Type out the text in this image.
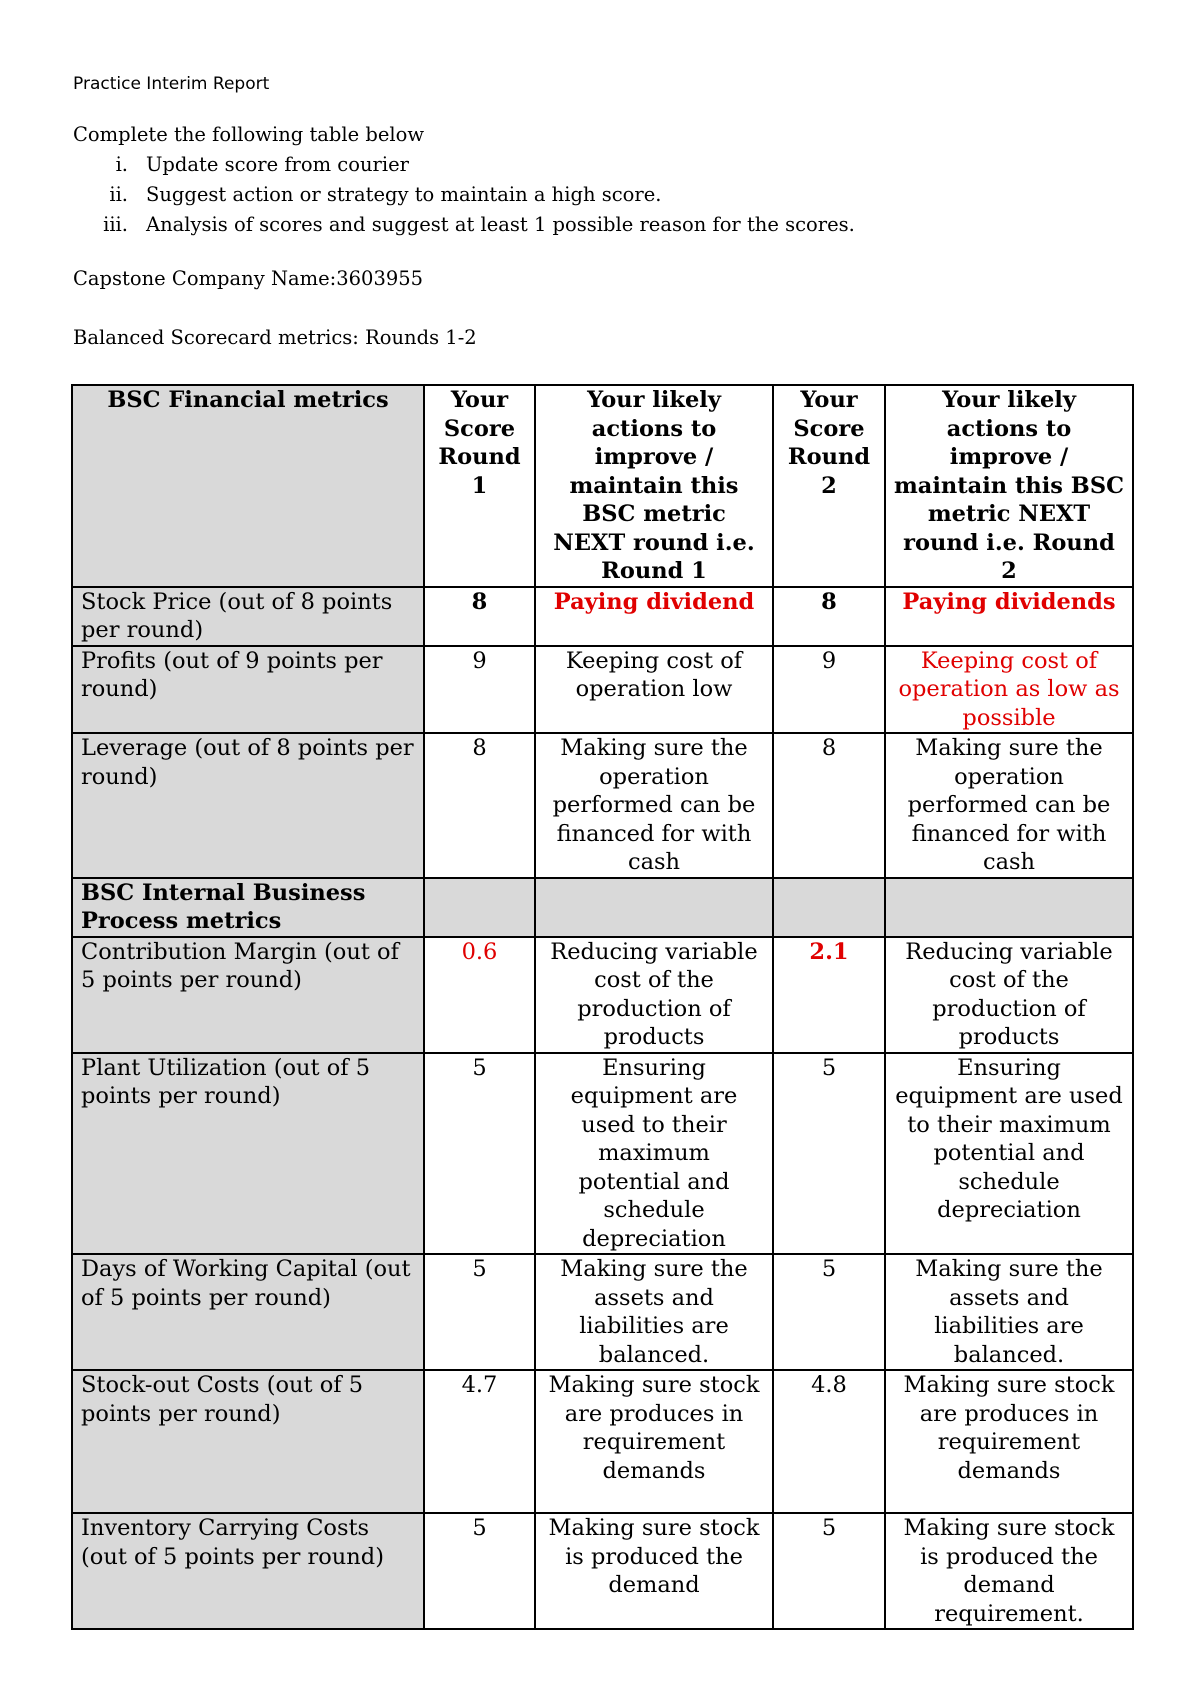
Practice Interim Report
Complete the following table below
i. Update score from courier
ii. Suggest action or strategy to maintain a high score.
iii. Analysis of scores and suggest at least 1 possible reason for the scores.
Capstone Company Name:3603955
Balanced Scorecard metrics: Rounds 1-2
BSC Financial metrics	Your Score Round 1	Your likely actions to improve / maintain this BSC metric NEXT round i.e. Round 1	Your Score Round 2	Your likely actions to improve / maintain this BSC metric NEXT round i.e. Round 2
Stock Price (out of 8 points per round)	8	Paying dividend	8	Paying dividends
Profits (out of 9 points per round)	9	Keeping cost of operation low	9	Keeping cost of operation as low as possible
Leverage (out of 8 points per round)	8	Making sure the operation performed can be financed for with cash	8	Making sure the operation performed can be financed for with cash
BSC Internal Business Process metrics				
Contribution Margin (out of 5 points per round)	0.6	Reducing variable cost of the production of products	2.1	Reducing variable cost of the production of products
Plant Utilization (out of 5 points per round)	5	Ensuring equipment are used to their maximum potential and schedule depreciation	5	Ensuring equipment are used to their maximum potential and schedule depreciation
Days of Working Capital (out of 5 points per round)	5	Making sure the assets and liabilities are balanced.	5	Making sure the assets and liabilities are balanced.
Stock-out Costs (out of 5 points per round)	4.7	Making sure stock are produces in requirement demands	4.8	Making sure stock are produces in requirement demands
Inventory Carrying Costs (out of 5 points per round)	5	Making sure stock is produced the demand	5	Making sure stock is produced the demand requirement.
